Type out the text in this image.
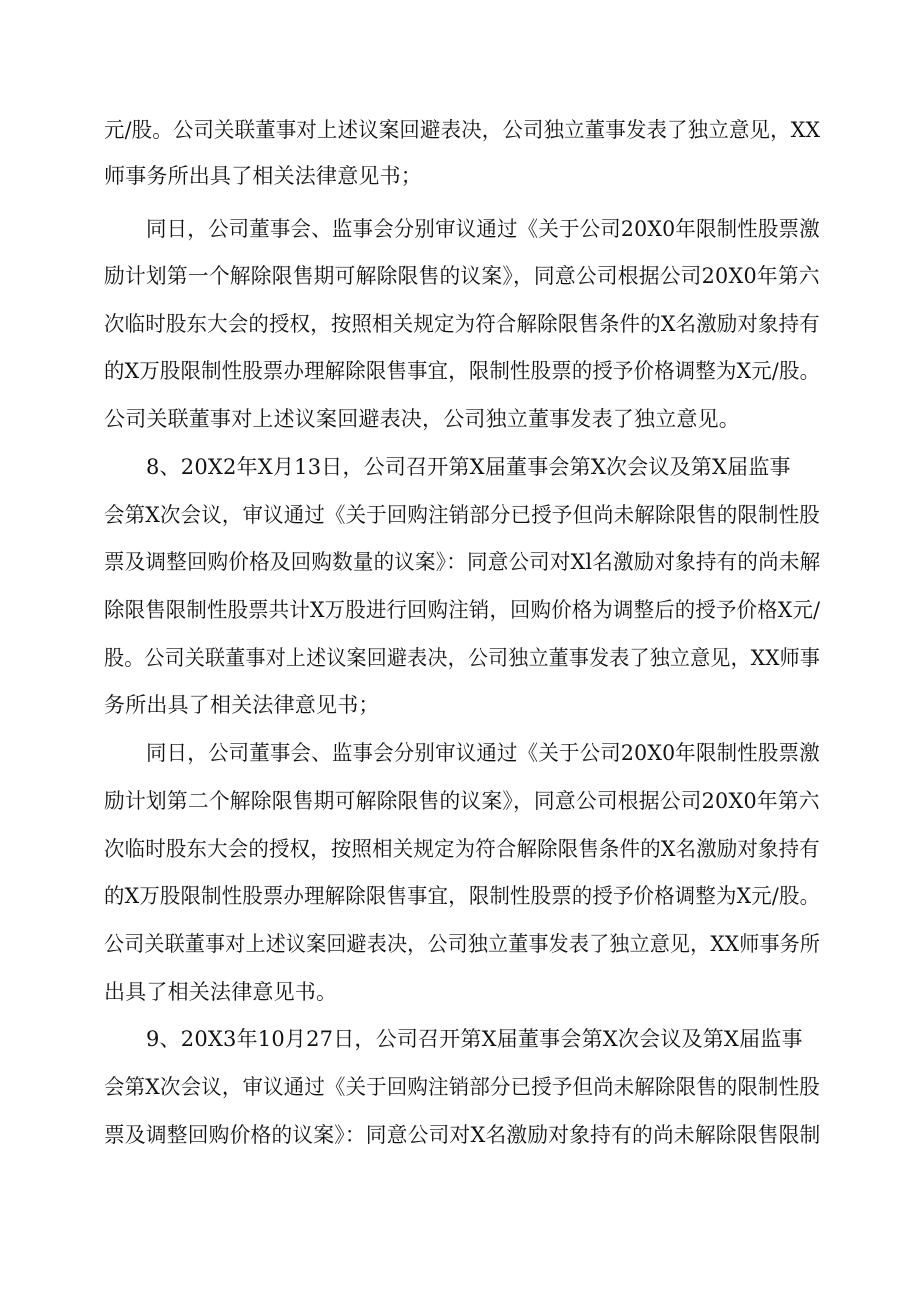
元/股。公司关联董事对上述议案回避表决，公司独立董事发表了独立意见，XX
师事务所出具了相关法律意见书；
同日，公司董事会、监事会分别审议通过《关于公司20X0年限制性股票激
励计划第一个解除限售期可解除限售的议案》，同意公司根据公司20X0年第六
次临时股东大会的授权，按照相关规定为符合解除限售条件的X名激励对象持有
的X万股限制性股票办理解除限售事宜，限制性股票的授予价格调整为X元/股。
公司关联董事对上述议案回避表决，公司独立董事发表了独立意见。
8、20X2年X月13日，公司召开第X届董事会第X次会议及第X届监事
会第X次会议，审议通过《关于回购注销部分已授予但尚未解除限售的限制性股
票及调整回购价格及回购数量的议案》：同意公司对Xl名激励对象持有的尚未解
除限售限制性股票共计X万股进行回购注销，回购价格为调整后的授予价格X元/
股。公司关联董事对上述议案回避表决，公司独立董事发表了独立意见，XX师事
务所出具了相关法律意见书；
同日，公司董事会、监事会分别审议通过《关于公司20X0年限制性股票激
励计划第二个解除限售期可解除限售的议案》，同意公司根据公司20X0年第六
次临时股东大会的授权，按照相关规定为符合解除限售条件的X名激励对象持有
的X万股限制性股票办理解除限售事宜，限制性股票的授予价格调整为X元/股。
公司关联董事对上述议案回避表决，公司独立董事发表了独立意见，XX师事务所
出具了相关法律意见书。
9、20X3年10月27日，公司召开第X届董事会第X次会议及第X届监事
会第X次会议，审议通过《关于回购注销部分已授予但尚未解除限售的限制性股
票及调整回购价格的议案》：同意公司对X名激励对象持有的尚未解除限售限制
